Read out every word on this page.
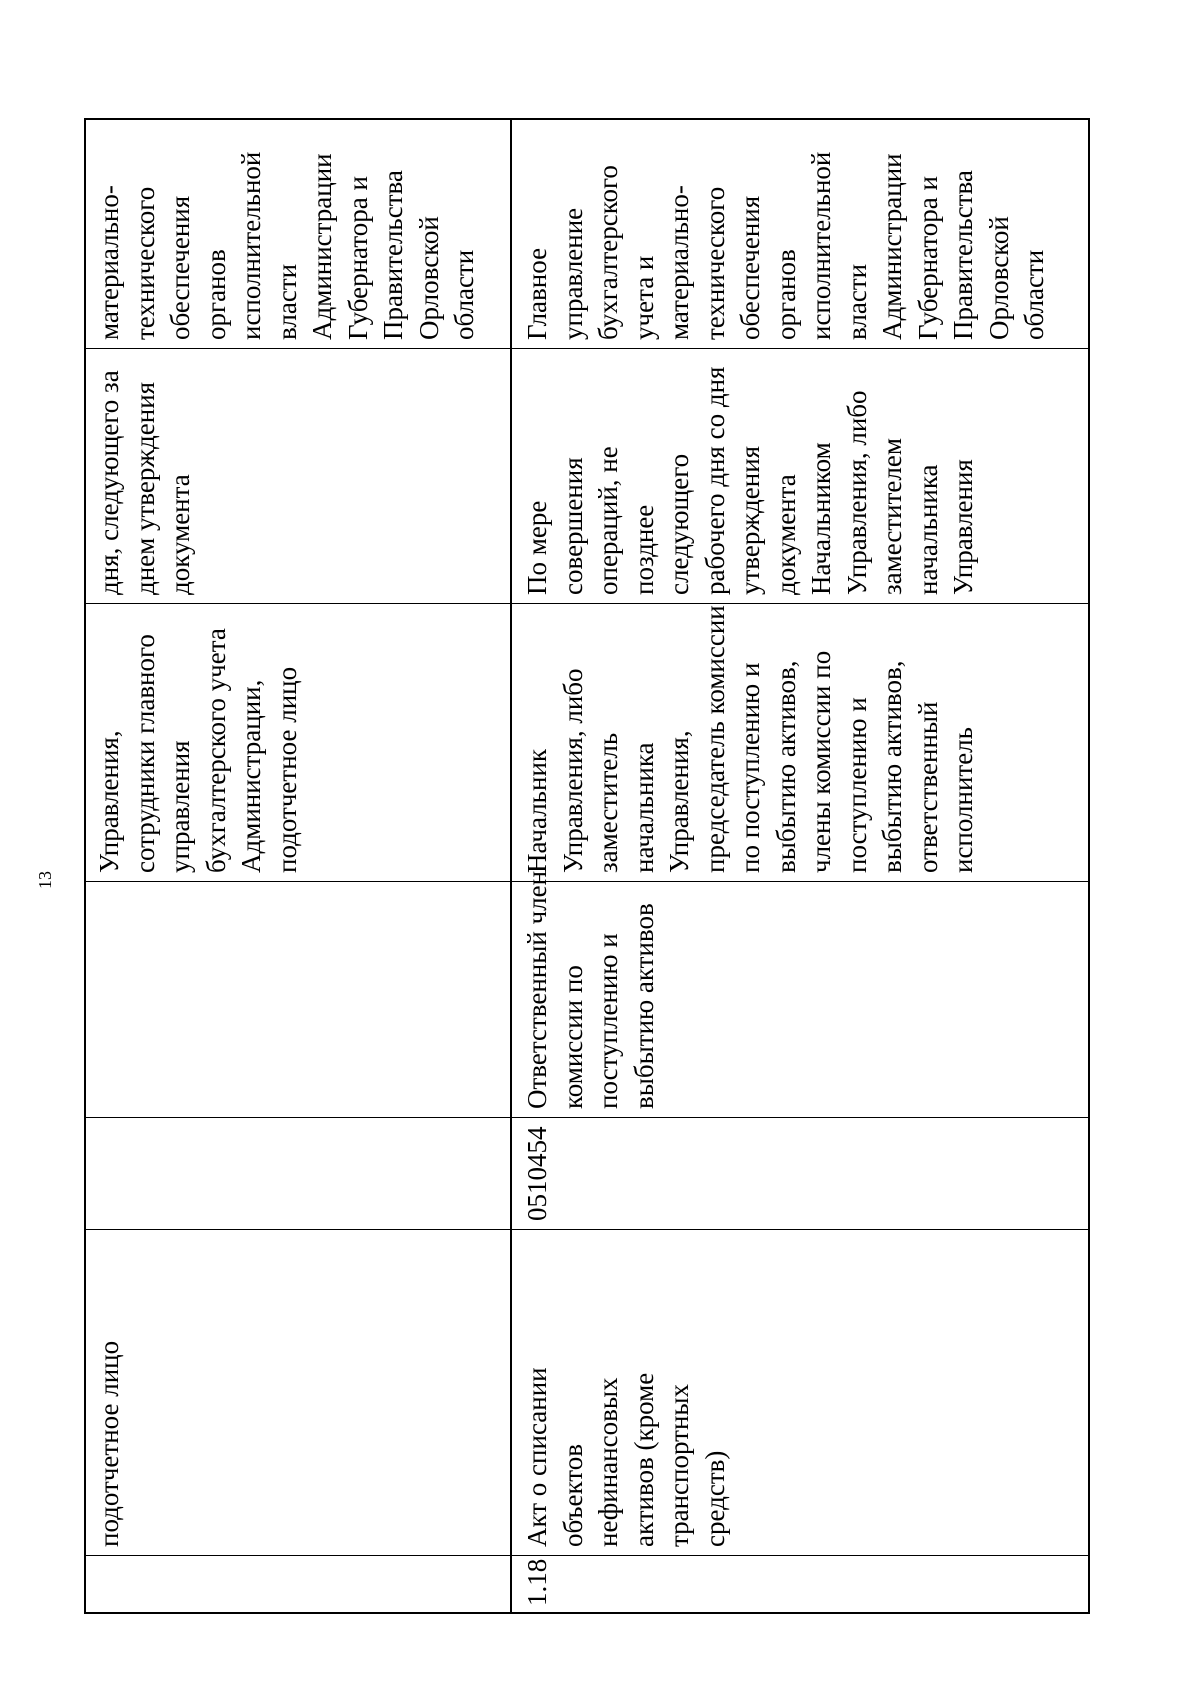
13
подотчетное лицо
Управления, сотрудники главного управления бухгалтерского учета Администрации, подотчетное лицо
дня, следующего за днем утверждения документа
материально- технического обеспечения органов исполнительной власти Администрации Губернатора и Правительства Орловской области
1.18
Акт о списании объектов нефинансовых активов (кроме транспортных средств)
0510454
Ответственный член комиссии по поступлению и выбытию активов
Начальник Управления, либо заместитель начальника Управления, председатель комиссии по поступлению и выбытию активов, члены комиссии по поступлению и выбытию активов, ответственный исполнитель
По мере совершения операций, не позднее следующего рабочего дня со дня утверждения документа Начальником Управления, либо заместителем начальника Управления
Главное управление бухгалтерского учета и материально- технического обеспечения органов исполнительной власти Администрации Губернатора и Правительства Орловской области
